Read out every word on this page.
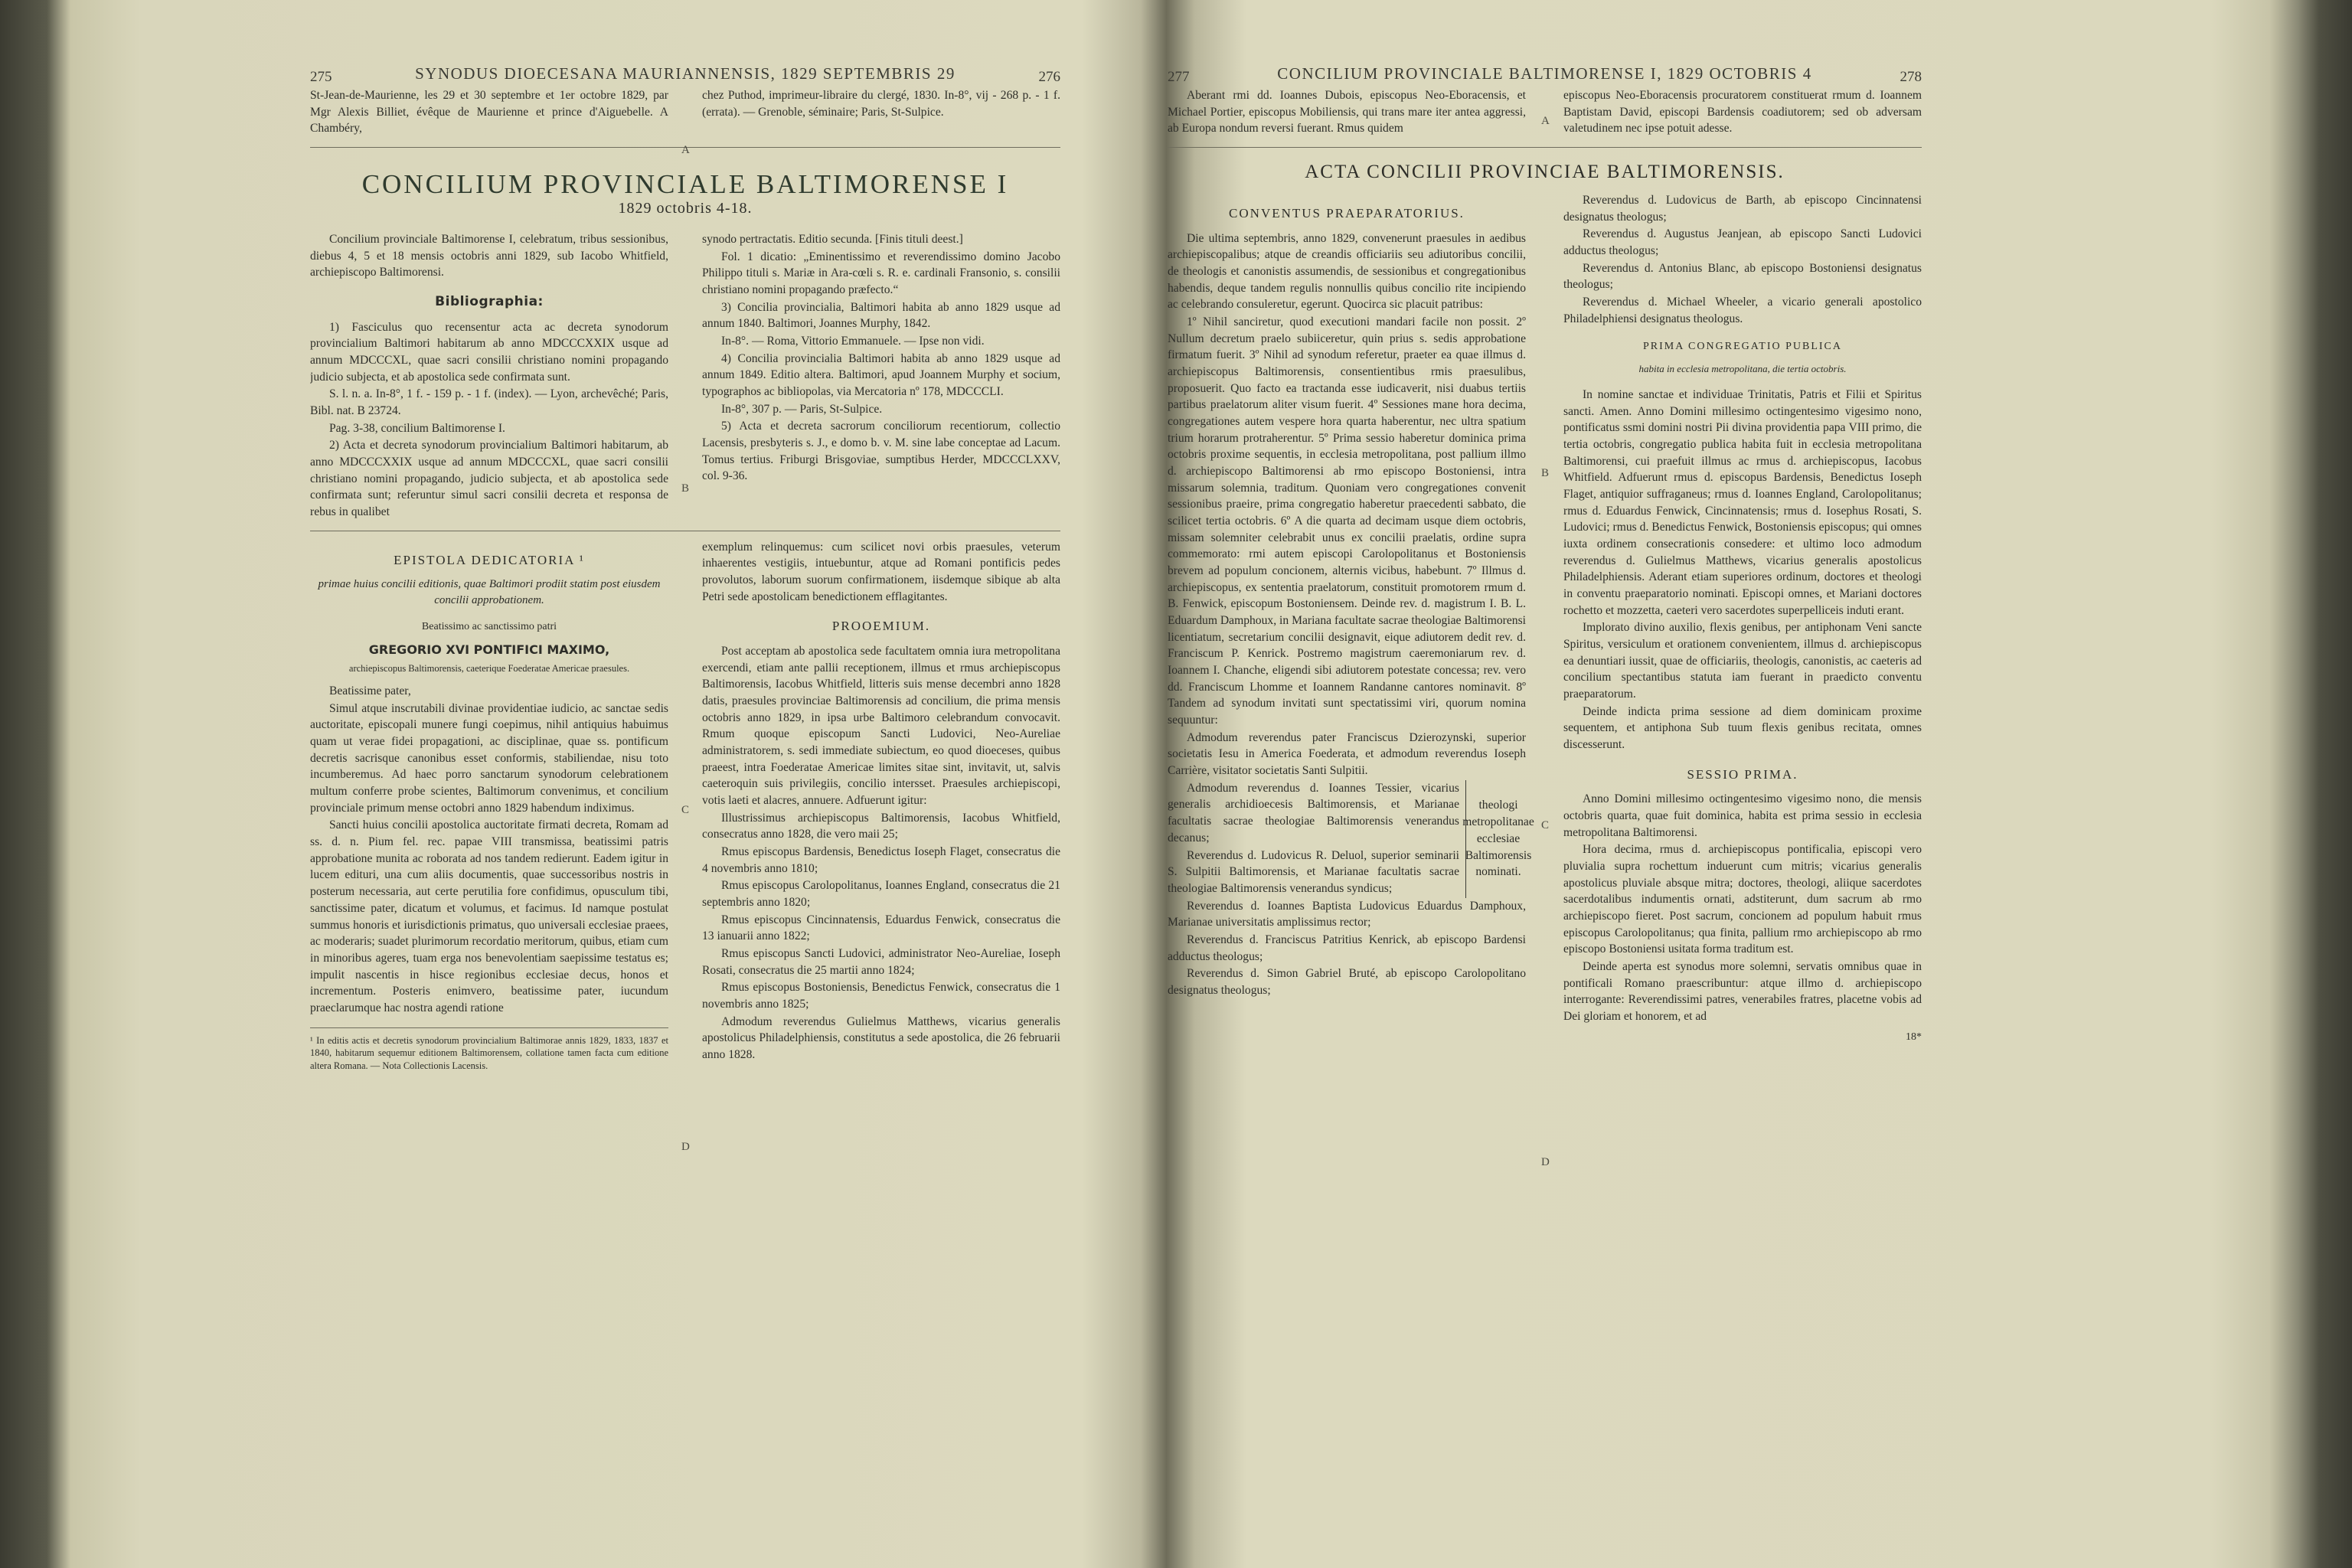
275	SYNODUS DIOECESANA MAURIANNENSIS, 1829 SEPTEMBRIS 29	276

St-Jean-de-Maurienne, les 29 et 30 septembre et 1er octobre 1829, par Mgr Alexis Billiet, évêque de Maurienne et prince d'Aiguebelle. A Chambéry,

chez Puthod, imprimeur-libraire du clergé, 1830. In-8°, vij - 268 p. - 1 f. (errata). — Grenoble, séminaire; Paris, St-Sulpice.

CONCILIUM PROVINCIALE BALTIMORENSE I
1829 octobris 4-18.

Concilium provinciale Baltimorense I, celebratum, tribus sessionibus, diebus 4, 5 et 18 mensis octobris anni 1829, sub Iacobo Whitfield, archiepiscopo Baltimorensi.

Bibliographia:

1) Fasciculus quo recensentur acta ac decreta synodorum provincialium Baltimori habitarum ab anno MDCCCXXIX usque ad annum MDCCCXL, quae sacri consilii christiano nomini propagando judicio subjecta, et ab apostolica sede confirmata sunt.

S. l. n. a. In-8°, 1 f. - 159 p. - 1 f. (index). — Lyon, archevêché; Paris, Bibl. nat. B 23724.

Pag. 3-38, concilium Baltimorense I.

2) Acta et decreta synodorum provincialium Baltimori habitarum, ab anno MDCCCXXIX usque ad annum MDCCCXL, quae sacri consilii christiano nomini propagando, judicio subjecta, et ab apostolica sede confirmata sunt; referuntur simul sacri consilii decreta et responsa de rebus in qualibet

synodo pertractatis. Editio secunda. [Finis tituli deest.]

Fol. 1 dicatio: „Eminentissimo et reverendissimo domino Jacobo Philippo tituli s. Mariæ in Ara-cœli s. R. e. cardinali Fransonio, s. consilii christiano nomini propagando præfecto.“

3) Concilia provincialia, Baltimori habita ab anno 1829 usque ad annum 1840. Baltimori, Joannes Murphy, 1842.

In-8°. — Roma, Vittorio Emmanuele. — Ipse non vidi.

4) Concilia provincialia Baltimori habita ab anno 1829 usque ad annum 1849. Editio altera. Baltimori, apud Joannem Murphy et socium, typographos ac bibliopolas, via Mercatoria nº 178, MDCCCLI.

In-8°, 307 p. — Paris, St-Sulpice.

5) Acta et decreta sacrorum conciliorum recentiorum, collectio Lacensis, presbyteris s. J., e domo b. v. M. sine labe conceptae ad Lacum. Tomus tertius. Friburgi Brisgoviae, sumptibus Herder, MDCCCLXXV, col. 9-36.

EPISTOLA DEDICATORIA ¹
primae huius concilii editionis, quae Baltimori prodiit statim post eiusdem concilii approbationem.
Beatissimo ac sanctissimo patri
GREGORIO XVI PONTIFICI MAXIMO,
archiepiscopus Baltimorensis, caeterique Foederatae Americae praesules.

Beatissime pater,

Simul atque inscrutabili divinae providentiae iudicio, ac sanctae sedis auctoritate, episcopali munere fungi coepimus, nihil antiquius habuimus quam ut verae fidei propagationi, ac disciplinae, quae ss. pontificum decretis sacrisque canonibus esset conformis, stabiliendae, nisu toto incumberemus. Ad haec porro sanctarum synodorum celebrationem multum conferre probe scientes, Baltimorum convenimus, et concilium provinciale primum mense octobri anno 1829 habendum indiximus.

Sancti huius concilii apostolica auctoritate firmati decreta, Romam ad ss. d. n. Pium fel. rec. papae VIII transmissa, beatissimi patris approbatione munita ac roborata ad nos tandem redierunt. Eadem igitur in lucem edituri, una cum aliis documentis, quae successoribus nostris in posterum necessaria, aut certe perutilia fore confidimus, opusculum tibi, sanctissime pater, dicatum et volumus, et facimus. Id namque postulat summus honoris et iurisdictionis primatus, quo universali ecclesiae praees, ac moderaris; suadet plurimorum recordatio meritorum, quibus, etiam cum in minoribus ageres, tuam erga nos benevolentiam saepissime testatus es; impulit nascentis in hisce regionibus ecclesiae decus, honos et incrementum. Posteris enimvero, beatissime pater, iucundum praeclarumque hac nostra agendi ratione

¹ In editis actis et decretis synodorum provincialium Baltimorae annis 1829, 1833, 1837 et 1840, habitarum sequemur editionem Baltimorensem, collatione tamen facta cum editione altera Romana. — Nota Collectionis Lacensis.

exemplum relinquemus: cum scilicet novi orbis praesules, veterum inhaerentes vestigiis, intuebuntur, atque ad Romani pontificis pedes provolutos, laborum suorum confirmationem, iisdemque sibique ab alta Petri sede apostolicam benedictionem efflagitantes.

PROOEMIUM.

Post acceptam ab apostolica sede facultatem omnia iura metropolitana exercendi, etiam ante pallii receptionem, illmus et rmus archiepiscopus Baltimorensis, Iacobus Whitfield, litteris suis mense decembri anno 1828 datis, praesules provinciae Baltimorensis ad concilium, die prima mensis octobris anno 1829, in ipsa urbe Baltimoro celebrandum convocavit. Rmum quoque episcopum Sancti Ludovici, Neo-Aureliae administratorem, s. sedi immediate subiectum, eo quod dioeceses, quibus praeest, intra Foederatae Americae limites sitae sint, invitavit, ut, salvis caeteroquin suis privilegiis, concilio intersset. Praesules archiepiscopi, votis laeti et alacres, annuere. Adfuerunt igitur:

Illustrissimus archiepiscopus Baltimorensis, Iacobus Whitfield, consecratus anno 1828, die vero maii 25;

Rmus episcopus Bardensis, Benedictus Ioseph Flaget, consecratus die 4 novembris anno 1810;

Rmus episcopus Carolopolitanus, Ioannes England, consecratus die 21 septembris anno 1820;

Rmus episcopus Cincinnatensis, Eduardus Fenwick, consecratus die 13 ianuarii anno 1822;

Rmus episcopus Sancti Ludovici, administrator Neo-Aureliae, Ioseph Rosati, consecratus die 25 martii anno 1824;

Rmus episcopus Bostoniensis, Benedictus Fenwick, consecratus die 1 novembris anno 1825;

Admodum reverendus Gulielmus Matthews, vicarius generalis apostolicus Philadelphiensis, constitutus a sede apostolica, die 26 februarii anno 1828.

A
B
C
D
277	CONCILIUM PROVINCIALE BALTIMORENSE I, 1829 OCTOBRIS 4	278

Aberant rmi dd. Ioannes Dubois, episcopus Neo-Eboracensis, et Michael Portier, episcopus Mobiliensis, qui trans mare iter antea aggressi, ab Europa nondum reversi fuerant. Rmus quidem

episcopus Neo-Eboracensis procuratorem constituerat rmum d. Ioannem Baptistam David, episcopi Bardensis coadiutorem; sed ob adversam valetudinem nec ipse potuit adesse.

ACTA CONCILII PROVINCIAE BALTIMORENSIS.
CONVENTUS PRAEPARATORIUS.

Die ultima septembris, anno 1829, convenerunt praesules in aedibus archiepiscopalibus; atque de creandis officiariis seu adiutoribus concilii, de theologis et canonistis assumendis, de sessionibus et congregationibus habendis, deque tandem regulis nonnullis quibus concilio rite incipiendo ac celebrando consuleretur, egerunt. Quocirca sic placuit patribus:

1º Nihil sanciretur, quod executioni mandari facile non possit. 2º Nullum decretum praelo subiiceretur, quin prius s. sedis approbatione firmatum fuerit. 3º Nihil ad synodum referetur, praeter ea quae illmus d. archiepiscopus Baltimorensis, consentientibus rmis praesulibus, proposuerit. Quo facto ea tractanda esse iudicaverit, nisi duabus tertiis partibus praelatorum aliter visum fuerit. 4º Sessiones mane hora decima, congregationes autem vespere hora quarta haberentur, nec ultra spatium trium horarum protraherentur. 5º Prima sessio haberetur dominica prima octobris proxime sequentis, in ecclesia metropolitana, post pallium illmo d. archiepiscopo Baltimorensi ab rmo episcopo Bostoniensi, intra missarum solemnia, traditum. Quoniam vero congregationes convenit sessionibus praeire, prima congregatio haberetur praecedenti sabbato, die scilicet tertia octobris. 6º A die quarta ad decimam usque diem octobris, missam solemniter celebrabit unus ex concilii praelatis, ordine supra commemorato: rmi autem episcopi Carolopolitanus et Bostoniensis brevem ad populum concionem, alternis vicibus, habebunt. 7º Illmus d. archiepiscopus, ex sententia praelatorum, constituit promotorem rmum d. B. Fenwick, episcopum Bostoniensem. Deinde rev. d. magistrum I. B. L. Eduardum Damphoux, in Mariana facultate sacrae theologiae Baltimorensi licentiatum, secretarium concilii designavit, eique adiutorem dedit rev. d. Franciscum P. Kenrick. Postremo magistrum caeremoniarum rev. d. Ioannem I. Chanche, eligendi sibi adiutorem potestate concessa; rev. vero dd. Franciscum Lhomme et Ioannem Randanne cantores nominavit. 8º Tandem ad synodum invitati sunt spectatissimi viri, quorum nomina sequuntur:

Admodum reverendus pater Franciscus Dzierozynski, superior societatis Iesu in America Foederata, et admodum reverendus Ioseph Carrière, visitator societatis Santi Sulpitii.

Admodum reverendus d. Ioannes Tessier, vicarius generalis archidioecesis Baltimorensis, et Marianae facultatis sacrae theologiae Baltimorensis venerandus decanus;

Reverendus d. Ludovicus R. Deluol, superior seminarii S. Sulpitii Baltimorensis, et Marianae facultatis sacrae theologiae Baltimorensis venerandus syndicus;

theologi metropolitanae ecclesiae Baltimorensis nominati.

Reverendus d. Ioannes Baptista Ludovicus Eduardus Damphoux, Marianae universitatis amplissimus rector;

Reverendus d. Franciscus Patritius Kenrick, ab episcopo Bardensi adductus theologus;

Reverendus d. Simon Gabriel Bruté, ab episcopo Carolopolitano designatus theologus;

Reverendus d. Ludovicus de Barth, ab episcopo Cincinnatensi designatus theologus;

Reverendus d. Augustus Jeanjean, ab episcopo Sancti Ludovici adductus theologus;

Reverendus d. Antonius Blanc, ab episcopo Bostoniensi designatus theologus;

Reverendus d. Michael Wheeler, a vicario generali apostolico Philadelphiensi designatus theologus.

PRIMA CONGREGATIO PUBLICA
habita in ecclesia metropolitana, die tertia octobris.

In nomine sanctae et individuae Trinitatis, Patris et Filii et Spiritus sancti. Amen. Anno Domini millesimo octingentesimo vigesimo nono, pontificatus ssmi domini nostri Pii divina providentia papa VIII primo, die tertia octobris, congregatio publica habita fuit in ecclesia metropolitana Baltimorensi, cui praefuit illmus ac rmus d. archiepiscopus, Iacobus Whitfield. Adfuerunt rmus d. episcopus Bardensis, Benedictus Ioseph Flaget, antiquior suffraganeus; rmus d. Ioannes England, Carolopolitanus; rmus d. Eduardus Fenwick, Cincinnatensis; rmus d. Iosephus Rosati, S. Ludovici; rmus d. Benedictus Fenwick, Bostoniensis episcopus; qui omnes iuxta ordinem consecrationis consedere: et ultimo loco admodum reverendus d. Gulielmus Matthews, vicarius generalis apostolicus Philadelphiensis. Aderant etiam superiores ordinum, doctores et theologi in conventu praeparatorio nominati. Episcopi omnes, et Mariani doctores rochetto et mozzetta, caeteri vero sacerdotes superpelliceis induti erant.

Implorato divino auxilio, flexis genibus, per antiphonam Veni sancte Spiritus, versiculum et orationem convenientem, illmus d. archiepiscopus ea denuntiari iussit, quae de officiariis, theologis, canonistis, ac caeteris ad concilium spectantibus statuta iam fuerant in praedicto conventu praeparatorum.

Deinde indicta prima sessione ad diem dominicam proxime sequentem, et antiphona Sub tuum flexis genibus recitata, omnes discesserunt.

SESSIO PRIMA.

Anno Domini millesimo octingentesimo vigesimo nono, die mensis octobris quarta, quae fuit dominica, habita est prima sessio in ecclesia metropolitana Baltimorensi.

Hora decima, rmus d. archiepiscopus pontificalia, episcopi vero pluvialia supra rochettum induerunt cum mitris; vicarius generalis apostolicus pluviale absque mitra; doctores, theologi, aliique sacerdotes sacerdotalibus indumentis ornati, adstiterunt, dum sacrum ab rmo archiepiscopo fieret. Post sacrum, concionem ad populum habuit rmus episcopus Carolopolitanus; qua finita, pallium rmo archiepiscopo ab rmo episcopo Bostoniensi usitata forma traditum est.

Deinde aperta est synodus more solemni, servatis omnibus quae in pontificali Romano praescribuntur: atque illmo d. archiepiscopo interrogante: Reverendissimi patres, venerabiles fratres, placetne vobis ad Dei gloriam et honorem, et ad

18*
A
B
C
D
